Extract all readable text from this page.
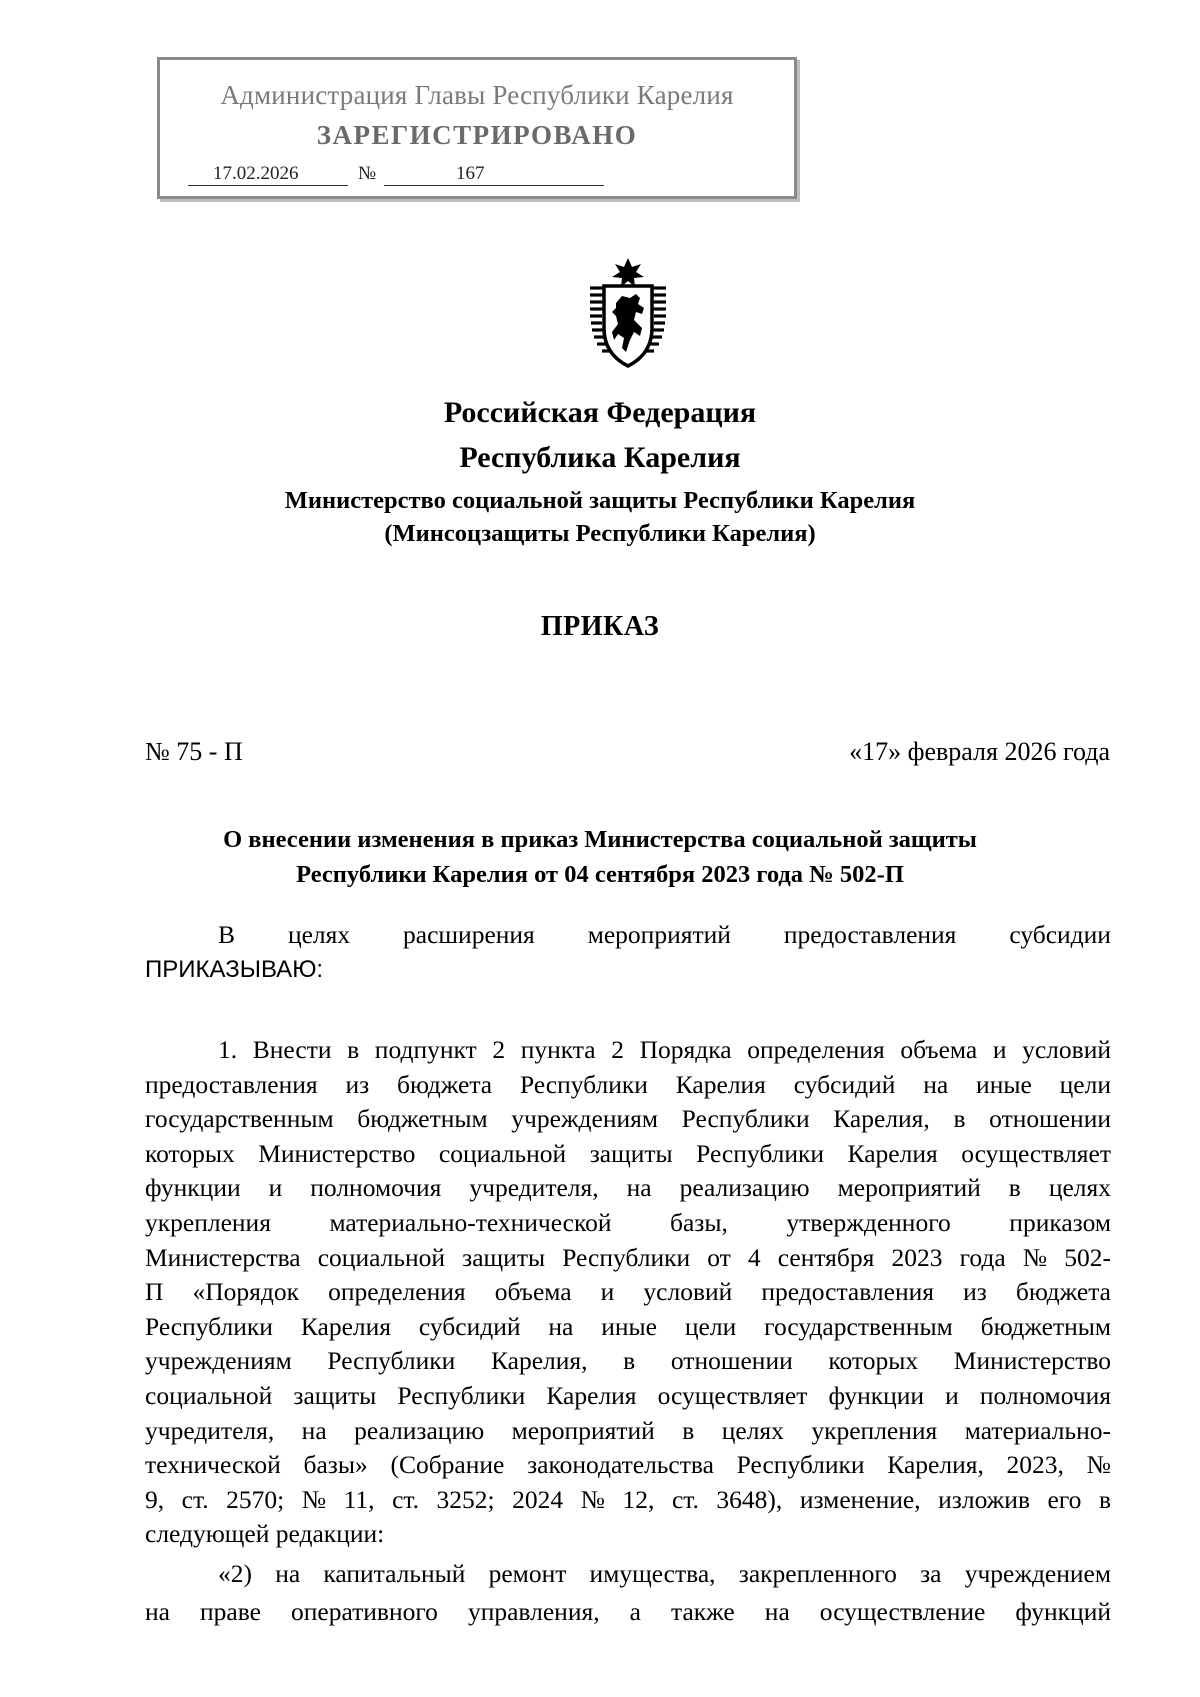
Администрация Главы Республики Карелия
ЗАРЕГИСТРИРОВАНО
17.02.2026	№	167
Российская Федерация
Республика Карелия
Министерство социальной защиты Республики Карелия
(Минсоцзащиты Республики Карелия)
ПРИКАЗ
№ 75 - П	«17» февраля 2026 года
О внесении изменения в приказ Министерства социальной защиты
Республики Карелия от 04 сентября 2023 года № 502-П
В целях расширения мероприятий предоставления субсидии
ПРИКАЗЫВАЮ:
1. Внести в подпункт 2 пункта 2 Порядка определения объема и условий
предоставления из бюджета Республики Карелия субсидий на иные цели
государственным бюджетным учреждениям Республики Карелия, в отношении
которых Министерство социальной защиты Республики Карелия осуществляет
функции и полномочия учредителя, на реализацию мероприятий в целях
укрепления материально-технической базы, утвержденного приказом
Министерства социальной защиты Республики от 4 сентября 2023 года № 502-
П «Порядок определения объема и условий предоставления из бюджета
Республики Карелия субсидий на иные цели государственным бюджетным
учреждениям Республики Карелия, в отношении которых Министерство
социальной защиты Республики Карелия осуществляет функции и полномочия
учредителя, на реализацию мероприятий в целях укрепления материально-
технической базы» (Собрание законодательства Республики Карелия, 2023, №
9, ст. 2570; № 11, ст. 3252; 2024 № 12, ст. 3648), изменение, изложив его в
следующей редакции:
«2) на капитальный ремонт имущества, закрепленного за учреждением
на праве оперативного управления, а также на осуществление функций
